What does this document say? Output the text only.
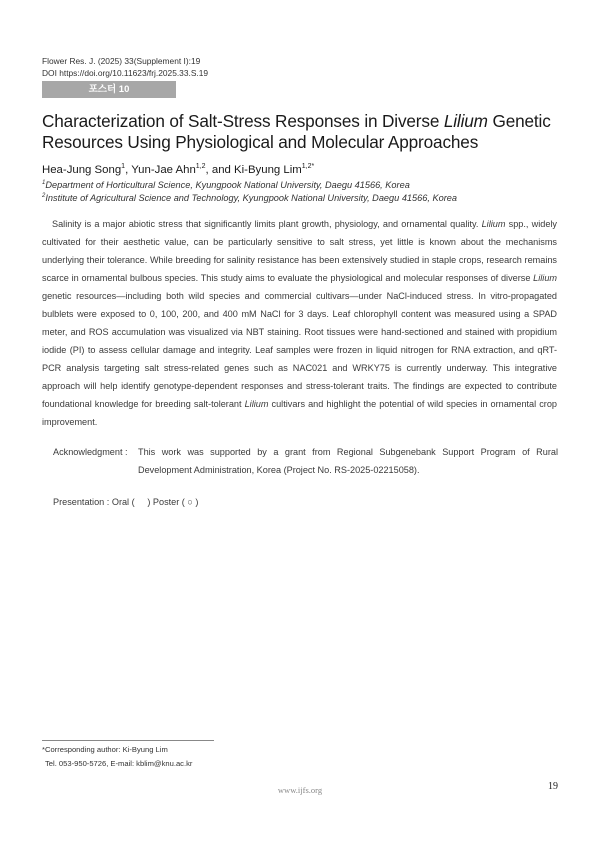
Flower Res. J. (2025) 33(Supplement I):19
DOI https://doi.org/10.11623/frj.2025.33.S.19
포스터 10
Characterization of Salt-Stress Responses in Diverse Lilium Genetic Resources Using Physiological and Molecular Approaches
Hea-Jung Song$^1$, Yun-Jae Ahn$^{1,2}$, and Ki-Byung Lim$^{1,2*}$
$^1$Department of Horticultural Science, Kyungpook National University, Daegu 41566, Korea
$^2$Institute of Agricultural Science and Technology, Kyungpook National University, Daegu 41566, Korea

Salinity is a major abiotic stress that significantly limits plant growth, physiology, and ornamental quality. Lilium spp., widely cultivated for their aesthetic value, can be particularly sensitive to salt stress, yet little is known about the mechanisms underlying their tolerance. While breeding for salinity resistance has been extensively studied in staple crops, research remains scarce in ornamental bulbous species. This study aims to evaluate the physiological and molecular responses of diverse Lilium genetic resources—including both wild species and commercial cultivars—under NaCl-induced stress. In vitro-propagated bulblets were exposed to 0, 100, 200, and 400 mM NaCl for 3 days. Leaf chlorophyll content was measured using a SPAD meter, and ROS accumulation was visualized via NBT staining. Root tissues were hand-sectioned and stained with propidium iodide (PI) to assess cellular damage and integrity. Leaf samples were frozen in liquid nitrogen for RNA extraction, and qRT-PCR analysis targeting salt stress-related genes such as NAC021 and WRKY75 is currently underway. This integrative approach will help identify genotype-dependent responses and stress-tolerant traits. The findings are expected to contribute foundational knowledge for breeding salt-tolerant Lilium cultivars and highlight the potential of wild species in ornamental crop improvement.

Acknowledgment : This work was supported by a grant from Regional Subgenebank Support Program of Rural Development Administration, Korea (Project No. RS-2025-02215058).
Presentation : Oral (     ) Poster ( ○ )
*Corresponding author: Ki-Byung Lim
Tel. 053-950-5726, E-mail: kblim@knu.ac.kr
www.ijfs.org	19
